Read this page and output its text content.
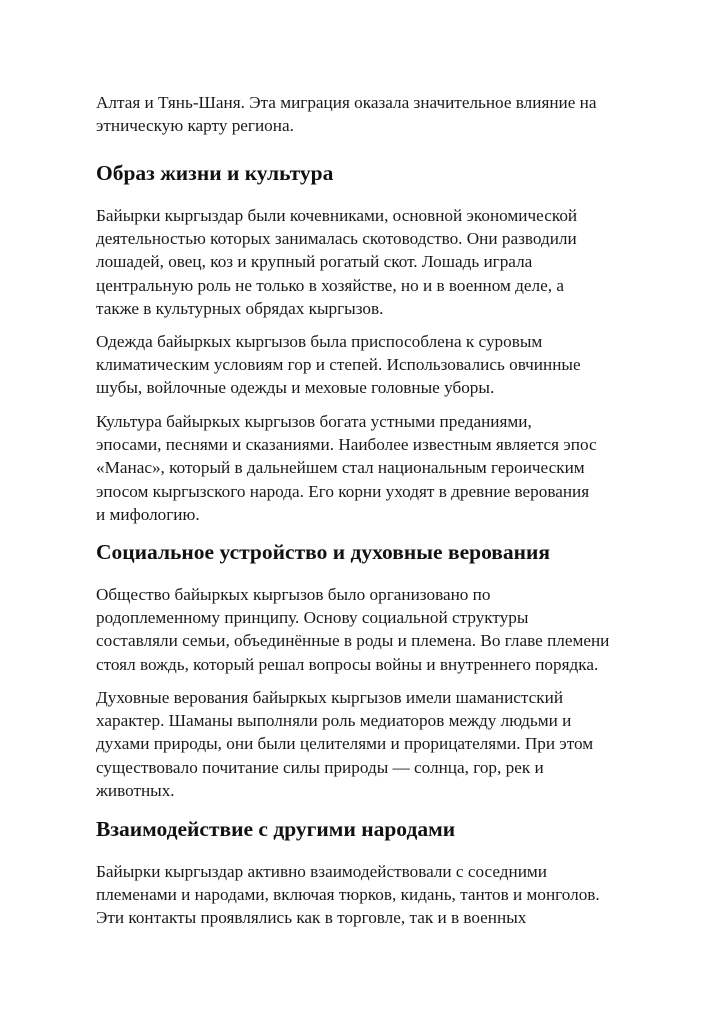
Алтая и Тянь-Шаня. Эта миграция оказала значительное влияние на
этническую карту региона.
Образ жизни и культура
Байырки кыргыздар были кочевниками, основной экономической
деятельностью которых занималась скотоводство. Они разводили
лошадей, овец, коз и крупный рогатый скот. Лошадь играла
центральную роль не только в хозяйстве, но и в военном деле, а
также в культурных обрядах кыргызов.
Одежда байыркых кыргызов была приспособлена к суровым
климатическим условиям гор и степей. Использовались овчинные
шубы, войлочные одежды и меховые головные уборы.
Культура байыркых кыргызов богата устными преданиями,
эпосами, песнями и сказаниями. Наиболее известным является эпос
«Манас», который в дальнейшем стал национальным героическим
эпосом кыргызского народа. Его корни уходят в древние верования
и мифологию.
Социальное устройство и духовные верования
Общество байыркых кыргызов было организовано по
родоплеменному принципу. Основу социальной структуры
составляли семьи, объединённые в роды и племена. Во главе племени
стоял вождь, который решал вопросы войны и внутреннего порядка.
Духовные верования байыркых кыргызов имели шаманистский
характер. Шаманы выполняли роль медиаторов между людьми и
духами природы, они были целителями и прорицателями. При этом
существовало почитание силы природы — солнца, гор, рек и
животных.
Взаимодействие с другими народами
Байырки кыргыздар активно взаимодействовали с соседними
племенами и народами, включая тюрков, кидань, тантов и монголов.
Эти контакты проявлялись как в торговле, так и в военных
